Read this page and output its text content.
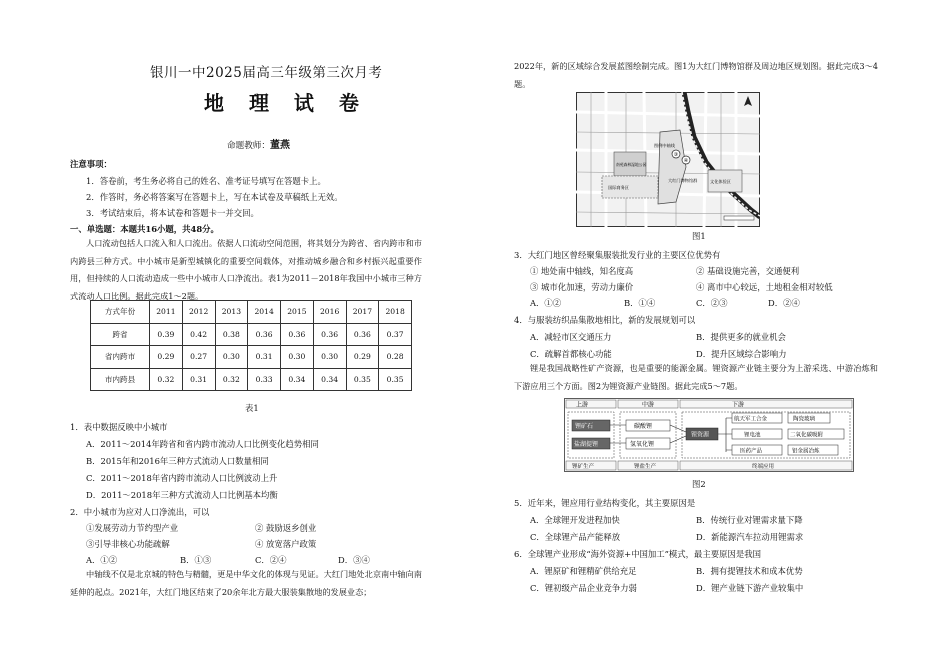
银川一中2025届高三年级第三次月考
地 理 试 卷
命题教师：董燕
注意事项：
1．答卷前，考生务必将自己的姓名、准考证号填写在答题卡上。
2．作答时，务必将答案写在答题卡上，写在本试卷及草稿纸上无效。
3．考试结束后，将本试卷和答题卡一并交回。
一、单选题：本题共16小题，共48分。
人口流动包括人口流入和人口流出。依据人口流动空间范围，将其划分为跨省、省内跨市和市内跨县三种方式。中小城市是新型城镇化的重要空间载体，对推动城乡融合和乡村振兴起重要作用，但持续的人口流动造成一些中小城市人口净流出。表1为2011－2018年我国中小城市三种方式流动人口比例。据此完成1～2题。
方式年份	2011	2012	2013	2014	2015	2016	2017	2018
跨省	0.39	0.42	0.38	0.36	0.36	0.36	0.36	0.37
省内跨市	0.29	0.27	0.30	0.31	0.30	0.30	0.29	0.28
市内跨县	0.32	0.31	0.32	0.33	0.34	0.34	0.35	0.35
表1
1．表中数据反映中小城市
A．2011～2014年跨省和省内跨市流动人口比例变化趋势相同
B．2015年和2016年三种方式流动人口数量相同
C．2011～2018年省内跨市流动人口比例波动上升
D．2011～2018年三种方式流动人口比例基本均衡
2．中小城市为应对人口净流出，可以
①发展劳动力节约型产业	② 鼓励返乡创业
③引导非核心功能疏解	④ 放宽落户政策
A．①②	B．①③	C．②④	D．③④
中轴线不仅是北京城的特色与精髓，更是中华文化的体现与见证。大红门地处北京南中轴向南延伸的起点。2021年，大红门地区结束了20余年北方最大服装集散地的发展业态；
2022年，新的区域综合发展蓝图绘制完成。图1为大红门博物馆群及周边地区规划图。据此完成3～4题。
③
④
图例中轴线
大红门博物馆群
南苑森林湿地公园
国际商务区
文化体验区
图1
3．大红门地区曾经聚集服装批发行业的主要区位优势有
① 地处南中轴线，知名度高	② 基础设施完善，交通便利
③ 城市化加速，劳动力廉价	④ 离市中心较远，土地租金相对较低
A．①②	B．①④	C．②③	D．②④
4．与服装纺织品集散地相比，新的发展规划可以
A．减轻市区交通压力	B．提供更多的就业机会
C．疏解首都核心功能	D．提升区域综合影响力
锂是我国战略性矿产资源，也是重要的能源金属。锂资源产业链主要分为上游采选、中游冶炼和下游应用三个方面。图2为锂资源产业链图。据此完成5～7题。
上游	中游	下游
锂矿石
盐湖提锂
碳酸锂
氢氧化锂
锂资源
航天军工合金	陶瓷玻璃
锂电池	二氧化碳吸附
医药产品	铝金属冶炼
锂矿生产	锂盐生产	终端应用
图2
5．近年来，锂应用行业结构变化，其主要原因是
A．全球锂开发进程加快	B．传统行业对锂需求量下降
C．全球锂产品产能释放	D．新能源汽车拉动用锂需求
6．全球锂产业形成“海外资源+中国加工”模式，最主要原因是我国
A．锂原矿和锂精矿供给充足	B．拥有提锂技术和成本优势
C．锂初级产品企业竞争力弱	D．锂产业链下游产业较集中
